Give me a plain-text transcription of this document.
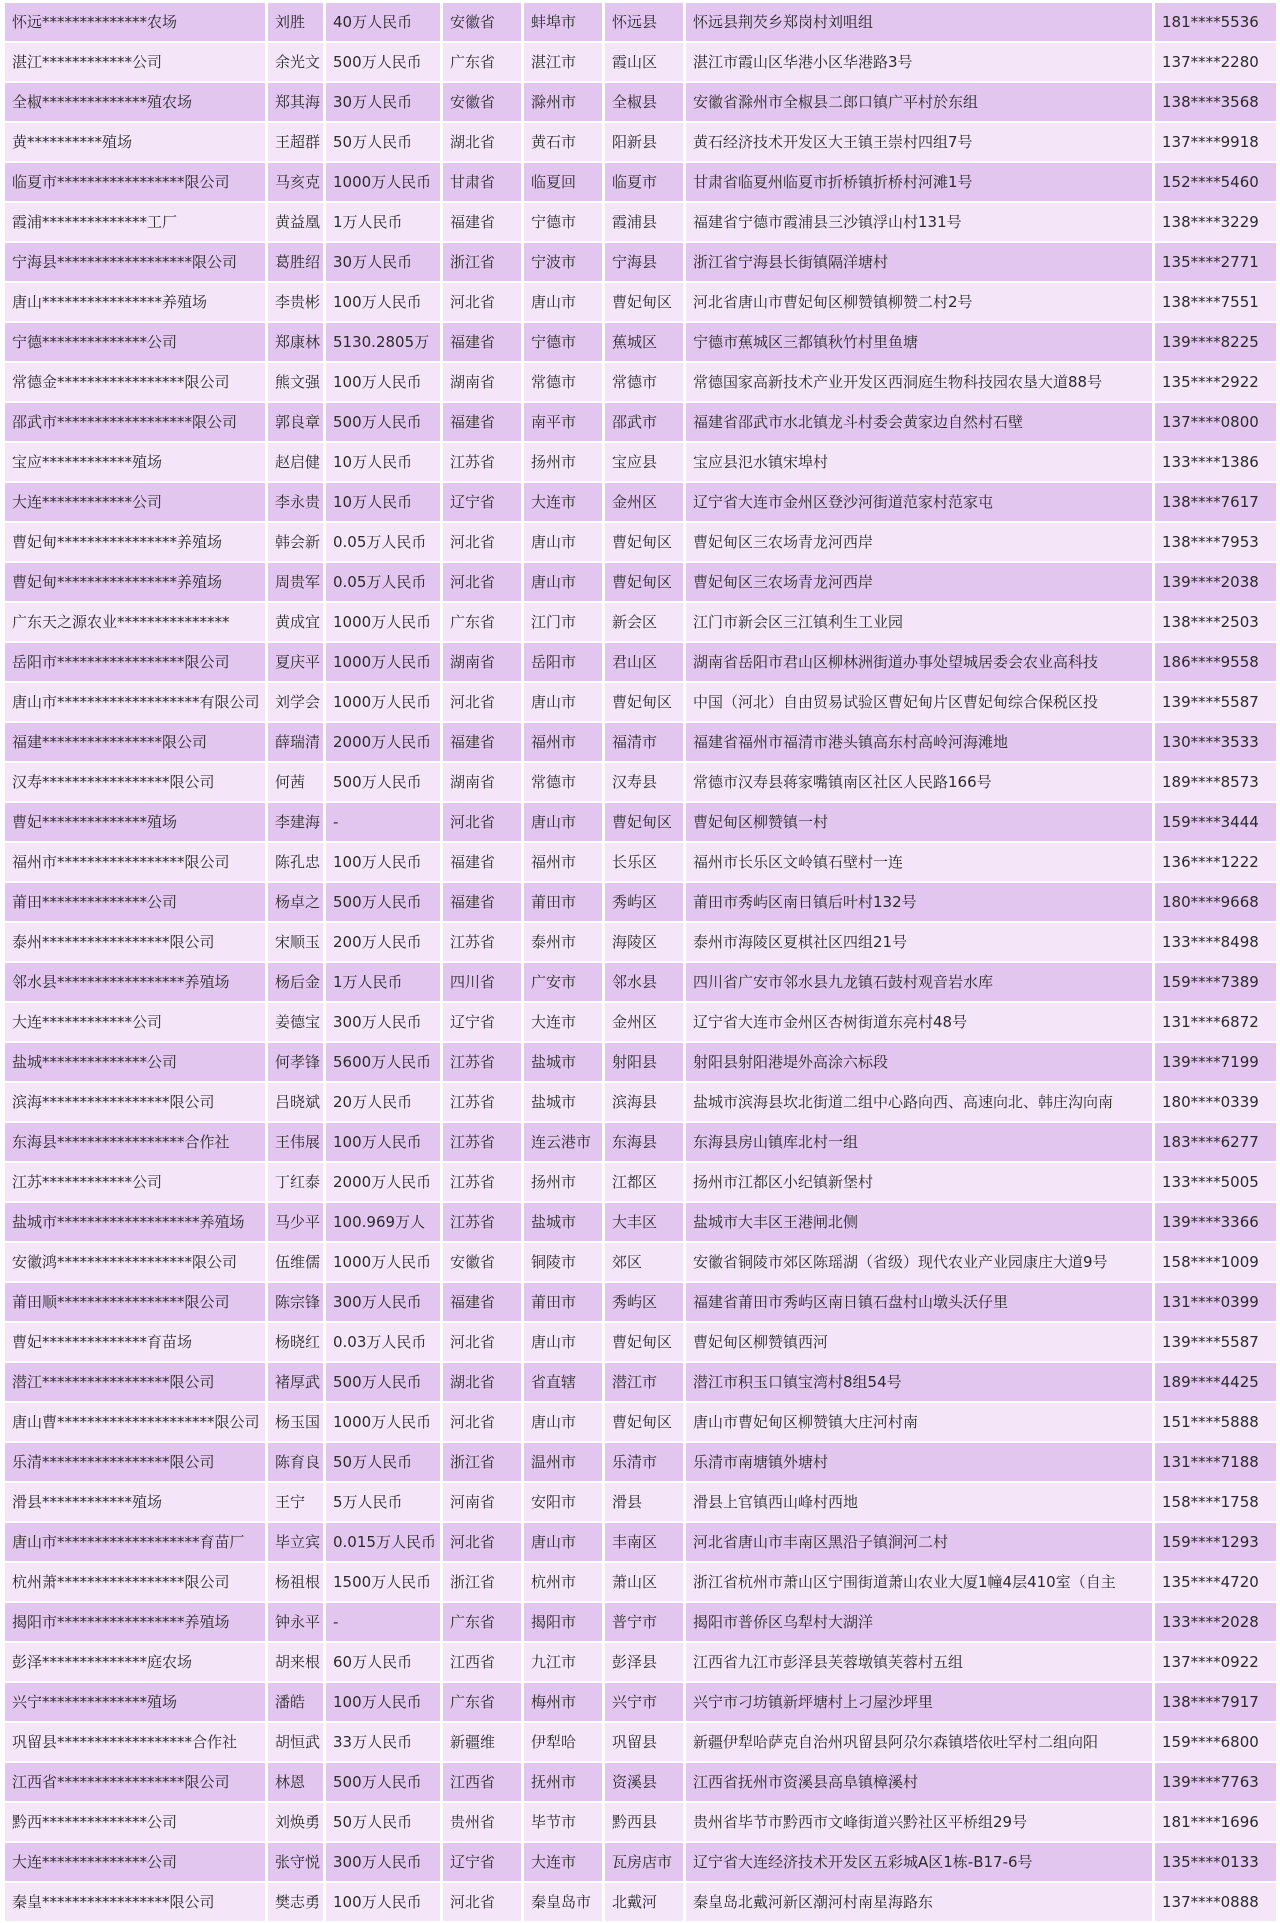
怀远**************农场	刘胜	40万人民币	安徽省	蚌埠市	怀远县	怀远县荆芡乡郑岗村刘咀组	181****5536
湛江************公司	余光文	500万人民币	广东省	湛江市	霞山区	湛江市霞山区华港小区华港路3号	137****2280
全椒**************殖农场	郑其海	30万人民币	安徽省	滁州市	全椒县	安徽省滁州市全椒县二郎口镇广平村於东组	138****3568
黄**********殖场	王超群	50万人民币	湖北省	黄石市	阳新县	黄石经济技术开发区大王镇王崇村四组7号	137****9918
临夏市*****************限公司	马亥克	1000万人民币	甘肃省	临夏回	临夏市	甘肃省临夏州临夏市折桥镇折桥村河滩1号	152****5460
霞浦**************工厂	黄益凰	1万人民币	福建省	宁德市	霞浦县	福建省宁德市霞浦县三沙镇浮山村131号	138****3229
宁海县******************限公司	葛胜绍	30万人民币	浙江省	宁波市	宁海县	浙江省宁海县长街镇隔洋塘村	135****2771
唐山****************养殖场	李贵彬	100万人民币	河北省	唐山市	曹妃甸区	河北省唐山市曹妃甸区柳赞镇柳赞二村2号	138****7551
宁德**************公司	郑康林	5130.2805万	福建省	宁德市	蕉城区	宁德市蕉城区三都镇秋竹村里鱼塘	139****8225
常德金*****************限公司	熊文强	100万人民币	湖南省	常德市	常德市	常德国家高新技术产业开发区西洞庭生物科技园农垦大道88号	135****2922
邵武市******************限公司	郭良章	500万人民币	福建省	南平市	邵武市	福建省邵武市水北镇龙斗村委会黄家边自然村石壁	137****0800
宝应************殖场	赵启健	10万人民币	江苏省	扬州市	宝应县	宝应县氾水镇宋埠村	133****1386
大连************公司	李永贵	10万人民币	辽宁省	大连市	金州区	辽宁省大连市金州区登沙河街道范家村范家屯	138****7617
曹妃甸****************养殖场	韩会新	0.05万人民币	河北省	唐山市	曹妃甸区	曹妃甸区三农场青龙河西岸	138****7953
曹妃甸****************养殖场	周贵军	0.05万人民币	河北省	唐山市	曹妃甸区	曹妃甸区三农场青龙河西岸	139****2038
广东天之源农业***************	黄成宜	1000万人民币	广东省	江门市	新会区	江门市新会区三江镇利生工业园	138****2503
岳阳市*****************限公司	夏庆平	1000万人民币	湖南省	岳阳市	君山区	湖南省岳阳市君山区柳林洲街道办事处望城居委会农业高科技	186****9558
唐山市*******************有限公司	刘学会	1000万人民币	河北省	唐山市	曹妃甸区	中国（河北）自由贸易试验区曹妃甸片区曹妃甸综合保税区投	139****5587
福建****************限公司	薛瑞清	2000万人民币	福建省	福州市	福清市	福建省福州市福清市港头镇高东村高岭河海滩地	130****3533
汉寿*****************限公司	何茜	500万人民币	湖南省	常德市	汉寿县	常德市汉寿县蒋家嘴镇南区社区人民路166号	189****8573
曹妃**************殖场	李建海	-	河北省	唐山市	曹妃甸区	曹妃甸区柳赞镇一村	159****3444
福州市*****************限公司	陈孔忠	100万人民币	福建省	福州市	长乐区	福州市长乐区文岭镇石壁村一连	136****1222
莆田**************公司	杨卓之	500万人民币	福建省	莆田市	秀屿区	莆田市秀屿区南日镇后叶村132号	180****9668
泰州*****************限公司	宋顺玉	200万人民币	江苏省	泰州市	海陵区	泰州市海陵区夏棋社区四组21号	133****8498
邻水县*****************养殖场	杨后金	1万人民币	四川省	广安市	邻水县	四川省广安市邻水县九龙镇石鼓村观音岩水库	159****7389
大连************公司	姜德宝	300万人民币	辽宁省	大连市	金州区	辽宁省大连市金州区杏树街道东亮村48号	131****6872
盐城**************公司	何孝锋	5600万人民币	江苏省	盐城市	射阳县	射阳县射阳港堤外高涂六标段	139****7199
滨海*****************限公司	吕晓斌	20万人民币	江苏省	盐城市	滨海县	盐城市滨海县坎北街道二组中心路向西、高速向北、韩庄沟向南	180****0339
东海县*****************合作社	王伟展	100万人民币	江苏省	连云港市	东海县	东海县房山镇库北村一组	183****6277
江苏************公司	丁红泰	2000万人民币	江苏省	扬州市	江都区	扬州市江都区小纪镇新堡村	133****5005
盐城市*******************养殖场	马少平	100.969万人	江苏省	盐城市	大丰区	盐城市大丰区王港闸北侧	139****3366
安徽鸿******************限公司	伍维儒	1000万人民币	安徽省	铜陵市	郊区	安徽省铜陵市郊区陈瑶湖（省级）现代农业产业园康庄大道9号	158****1009
莆田顺*****************限公司	陈宗锋	300万人民币	福建省	莆田市	秀屿区	福建省莆田市秀屿区南日镇石盘村山墩头沃仔里	131****0399
曹妃**************育苗场	杨晓红	0.03万人民币	河北省	唐山市	曹妃甸区	曹妃甸区柳赞镇西河	139****5587
潜江*****************限公司	褚厚武	500万人民币	湖北省	省直辖	潜江市	潜江市积玉口镇宝湾村8组54号	189****4425
唐山曹*********************限公司	杨玉国	1000万人民币	河北省	唐山市	曹妃甸区	唐山市曹妃甸区柳赞镇大庄河村南	151****5888
乐清*****************限公司	陈育良	50万人民币	浙江省	温州市	乐清市	乐清市南塘镇外塘村	131****7188
滑县************殖场	王宁	5万人民币	河南省	安阳市	滑县	滑县上官镇西山峰村西地	158****1758
唐山市*******************育苗厂	毕立宾	0.015万人民币	河北省	唐山市	丰南区	河北省唐山市丰南区黑沿子镇涧河二村	159****1293
杭州萧*****************限公司	杨祖根	1500万人民币	浙江省	杭州市	萧山区	浙江省杭州市萧山区宁围街道萧山农业大厦1幢4层410室（自主	135****4720
揭阳市*****************养殖场	钟永平	-	广东省	揭阳市	普宁市	揭阳市普侨区乌犁村大湖洋	133****2028
彭泽**************庭农场	胡来根	60万人民币	江西省	九江市	彭泽县	江西省九江市彭泽县芙蓉墩镇芙蓉村五组	137****0922
兴宁**************殖场	潘皓	100万人民币	广东省	梅州市	兴宁市	兴宁市刁坊镇新坪塘村上刁屋沙坪里	138****7917
巩留县******************合作社	胡恒武	33万人民币	新疆维	伊犁哈	巩留县	新疆伊犁哈萨克自治州巩留县阿尕尔森镇塔依吐罕村二组向阳	159****6800
江西省*****************限公司	林恩	500万人民币	江西省	抚州市	资溪县	江西省抚州市资溪县高阜镇樟溪村	139****7763
黔西**************公司	刘焕勇	50万人民币	贵州省	毕节市	黔西县	贵州省毕节市黔西市文峰街道兴黔社区平桥组29号	181****1696
大连**************公司	张守悦	300万人民币	辽宁省	大连市	瓦房店市	辽宁省大连经济技术开发区五彩城A区1栋-B17-6号	135****0133
秦皇*****************限公司	樊志勇	100万人民币	河北省	秦皇岛市	北戴河	秦皇岛北戴河新区潮河村南星海路东	137****0888
